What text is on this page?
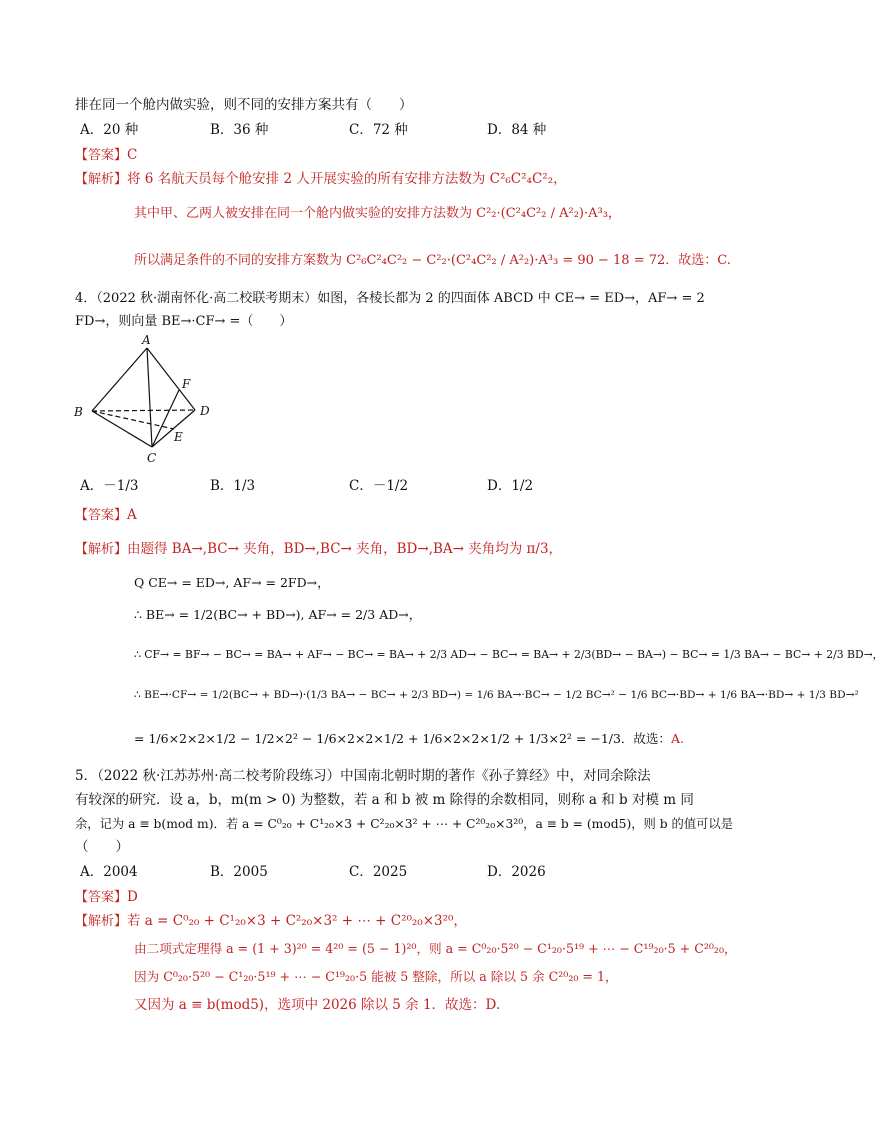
排在同一个舱内做实验，则不同的安排方案共有（　　）
A．20 种	B．36 种	C．72 种	D．84 种
【答案】C
【解析】将 6 名航天员每个舱安排 2 人开展实验的所有安排方法数为 C²₆C²₄C²₂，
其中甲、乙两人被安排在同一个舱内做实验的安排方法数为 C²₂·(C²₄C²₂ / A²₂)·A³₃，
所以满足条件的不同的安排方案数为 C²₆C²₄C²₂ − C²₂·(C²₄C²₂ / A²₂)·A³₃ = 90 − 18 = 72．故选：C.
4．（2022 秋·湖南怀化·高二校联考期末）如图，各棱长都为 2 的四面体 ABCD 中 CE→ = ED→，AF→ = 2
FD→，则向量 BE→·CF→ =（　　）
A
B
C
D
E
F
A．－1/3	B．1/3	C．－1/2	D．1/2
【答案】A
【解析】由题得 BA→,BC→ 夹角，BD→,BC→ 夹角，BD→,BA→ 夹角均为 π/3，
Q CE→ = ED→, AF→ = 2FD→，
∴ BE→ = 1/2(BC→ + BD→), AF→ = 2/3 AD→，
∴ CF→ = BF→ − BC→ = BA→ + AF→ − BC→ = BA→ + 2/3 AD→ − BC→ = BA→ + 2/3(BD→ − BA→) − BC→ = 1/3 BA→ − BC→ + 2/3 BD→，
∴ BE→·CF→ = 1/2(BC→ + BD→)·(1/3 BA→ − BC→ + 2/3 BD→) = 1/6 BA→·BC→ − 1/2 BC→² − 1/6 BC→·BD→ + 1/6 BA→·BD→ + 1/3 BD→²
= 1/6×2×2×1/2 − 1/2×2² − 1/6×2×2×1/2 + 1/6×2×2×1/2 + 1/3×2² = −1/3．故选：A.
5．（2022 秋·江苏苏州·高二校考阶段练习）中国南北朝时期的著作《孙子算经》中，对同余除法
有较深的研究．设 a，b，m(m > 0) 为整数，若 a 和 b 被 m 除得的余数相同，则称 a 和 b 对模 m 同
余，记为 a ≡ b(mod m)．若 a = C⁰₂₀ + C¹₂₀×3 + C²₂₀×3² + ⋯ + C²⁰₂₀×3²⁰，a ≡ b = (mod5)，则 b 的值可以是
（　　）
A．2004	B．2005	C．2025	D．2026
【答案】D
【解析】若 a = C⁰₂₀ + C¹₂₀×3 + C²₂₀×3² + ⋯ + C²⁰₂₀×3²⁰，
由二项式定理得 a = (1 + 3)²⁰ = 4²⁰ = (5 − 1)²⁰，则 a = C⁰₂₀·5²⁰ − C¹₂₀·5¹⁹ + ⋯ − C¹⁹₂₀·5 + C²⁰₂₀，
因为 C⁰₂₀·5²⁰ − C¹₂₀·5¹⁹ + ⋯ − C¹⁹₂₀·5 能被 5 整除，所以 a 除以 5 余 C²⁰₂₀ = 1，
又因为 a ≡ b(mod5)，选项中 2026 除以 5 余 1．故选：D.
